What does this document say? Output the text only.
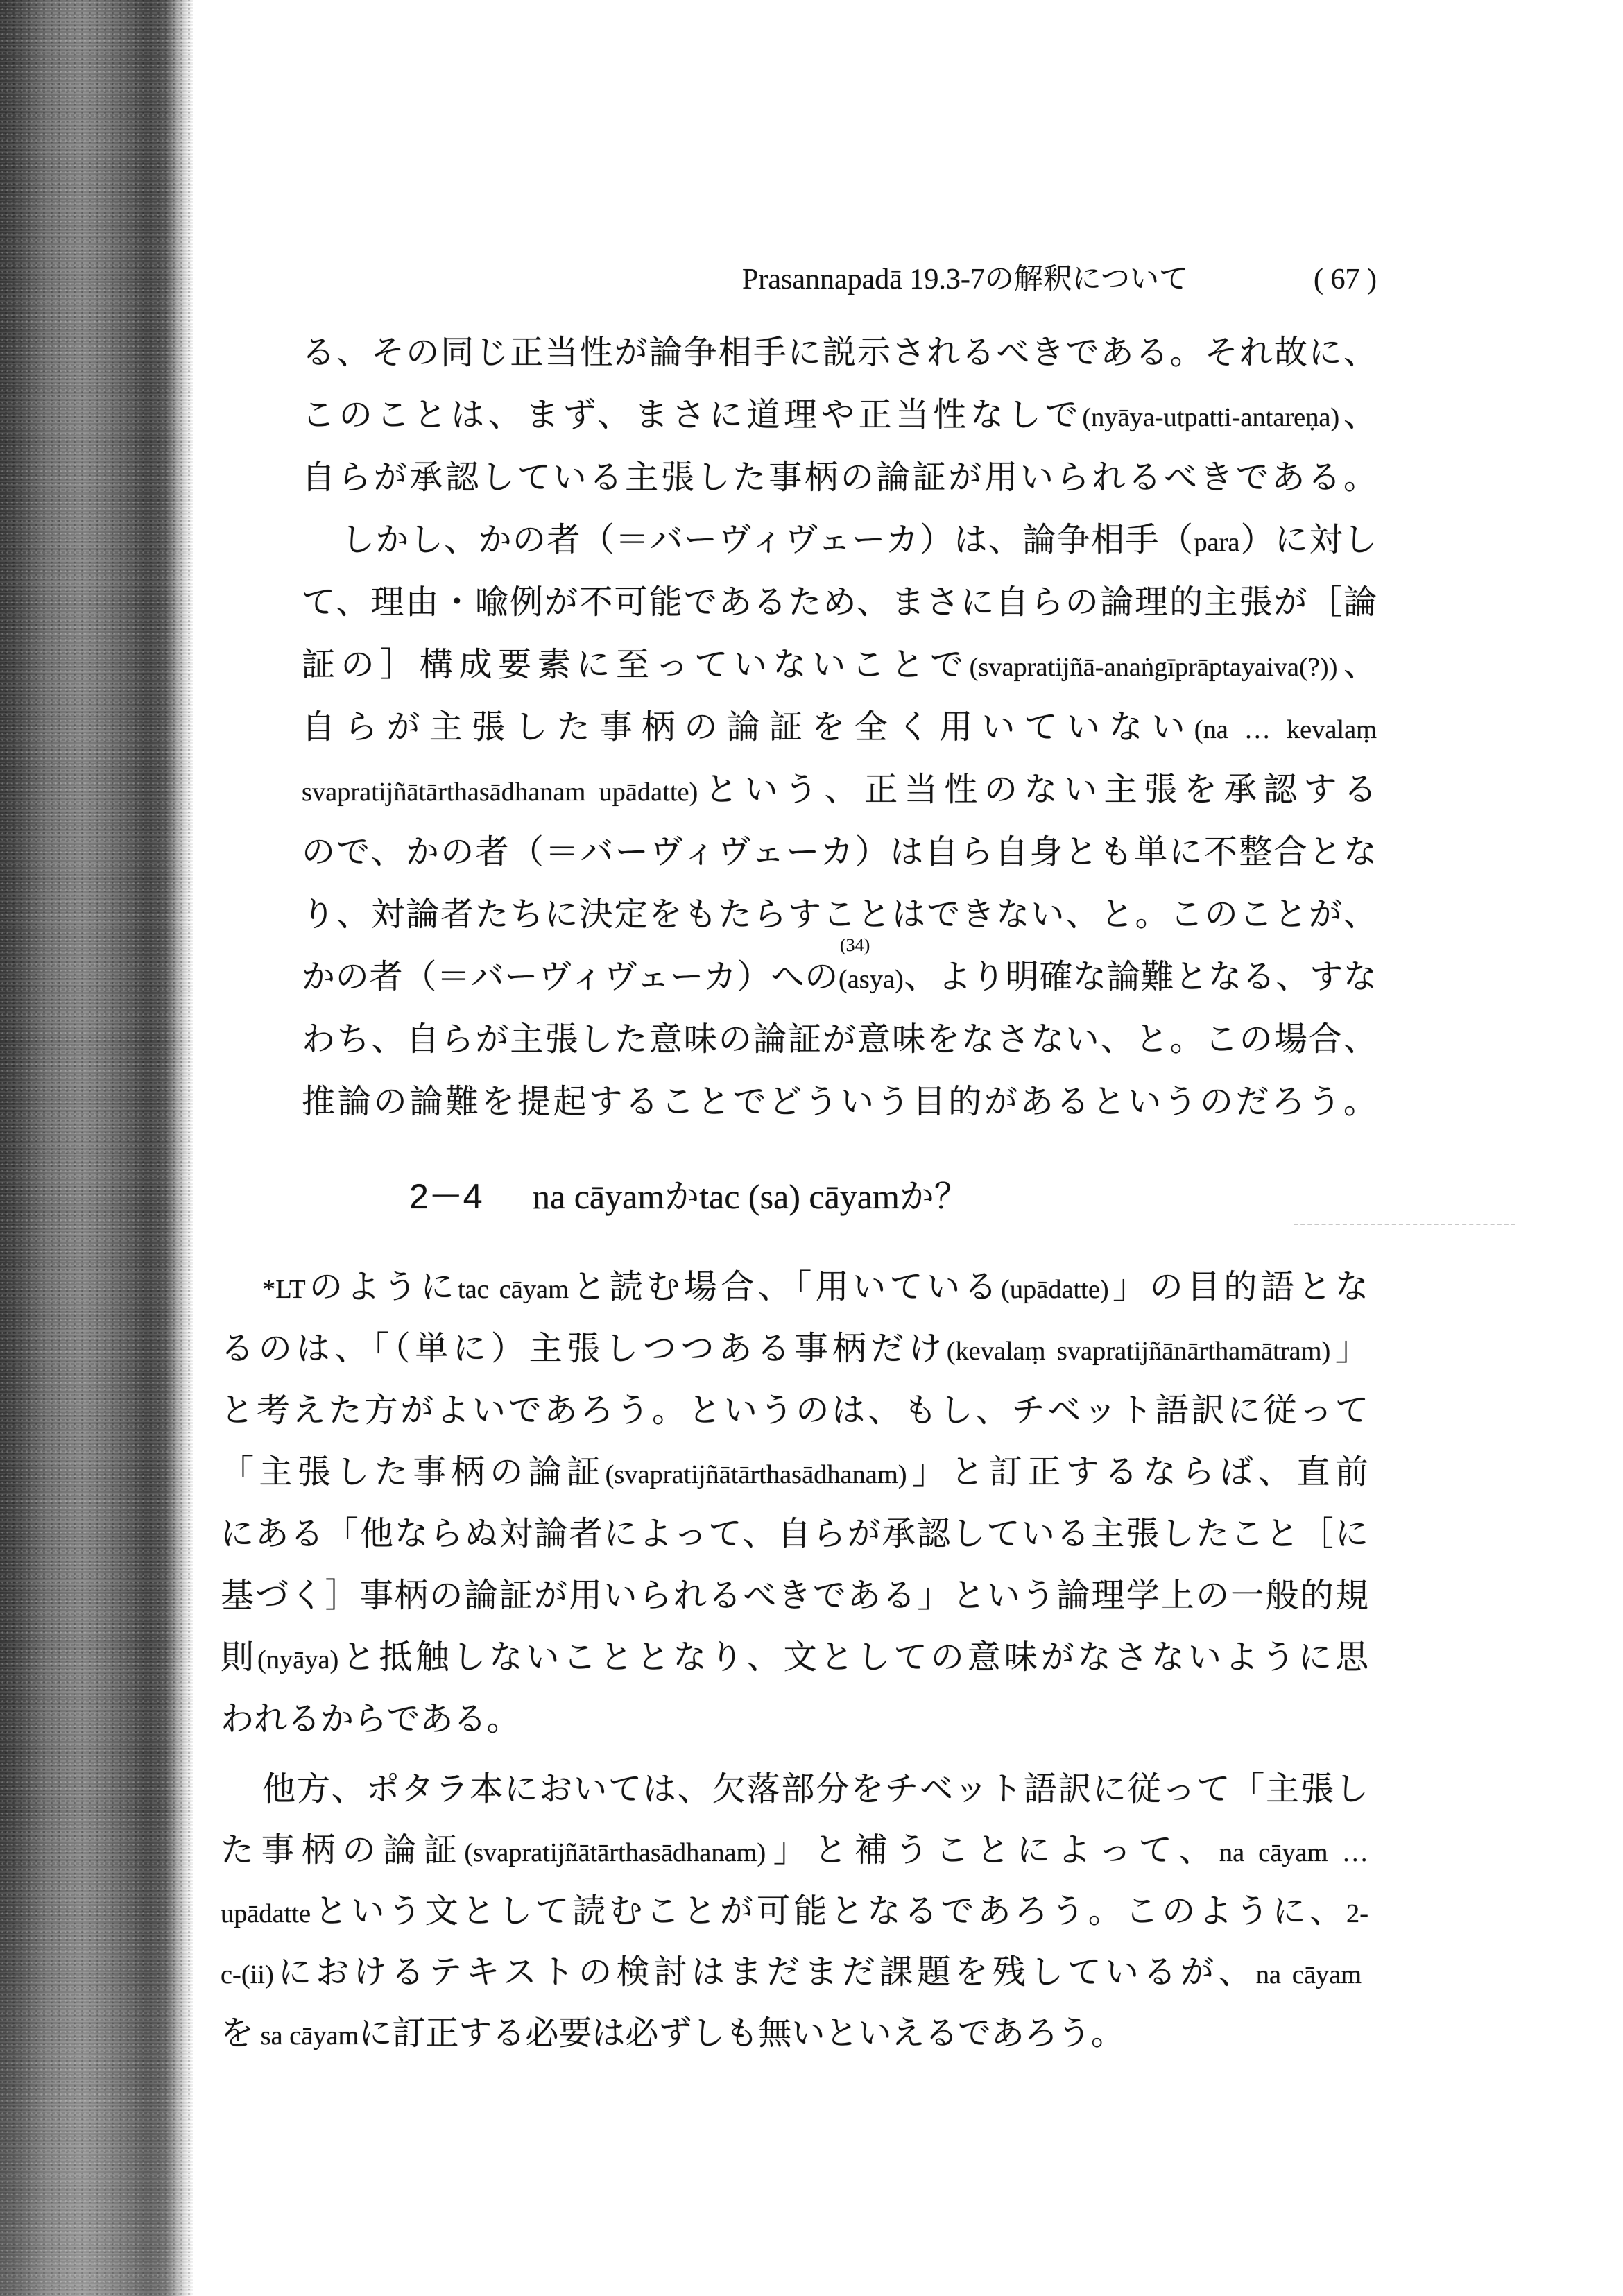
Prasannapadā 19.3-7の解釈について	( 67 )
る、その同じ正当性が論争相手に説示されるべきである。それ故に、
このことは、まず、まさに道理や正当性なしで(nyāya-utpatti-antareṇa)、
自らが承認している主張した事柄の論証が用いられるべきである。
しかし、かの者（＝バーヴィヴェーカ）は、論争相手（para）に対し
て、理由・喩例が不可能であるため、まさに自らの論理的主張が［論
証の］構成要素に至っていないことで(svapratijñā-anaṅgīprāptayaiva(?))、
自らが主張した事柄の論証を全く用いていない(na … kevalaṃ
svapratijñātārthasādhanam upādatte)という、正当性のない主張を承認する
ので、かの者（＝バーヴィヴェーカ）は自ら自身とも単に不整合とな
り、対論者たちに決定をもたらすことはできない、と。このことが、
(34)
かの者（＝バーヴィヴェーカ）への(asya)、より明確な論難となる、すな
わち、自らが主張した意味の論証が意味をなさない、と。この場合、
推論の論難を提起することでどういう目的があるというのだろう。
2－4 na cāyamかtac (sa) cāyamか？
*LTのようにtac cāyamと読む場合、「用いている(upādatte)」の目的語とな
るのは、「（単に）主張しつつある事柄だけ(kevalaṃ svapratijñānārthamātram)」
と考えた方がよいであろう。というのは、もし、チベット語訳に従って
「主張した事柄の論証(svapratijñātārthasādhanam)」と訂正するならば、直前
にある「他ならぬ対論者によって、自らが承認している主張したこと［に
基づく］事柄の論証が用いられるべきである」という論理学上の一般的規
則(nyāya)と抵触しないこととなり、文としての意味がなさないように思
われるからである。
他方、ポタラ本においては、欠落部分をチベット語訳に従って「主張し
た事柄の論証(svapratijñātārthasādhanam)」と補うことによって、na cāyam …
upādatteという文として読むことが可能となるであろう。このように、2-
c-(ii)におけるテキストの検討はまだまだ課題を残しているが、na cāyam
を sa cāyamに訂正する必要は必ずしも無いといえるであろう。
